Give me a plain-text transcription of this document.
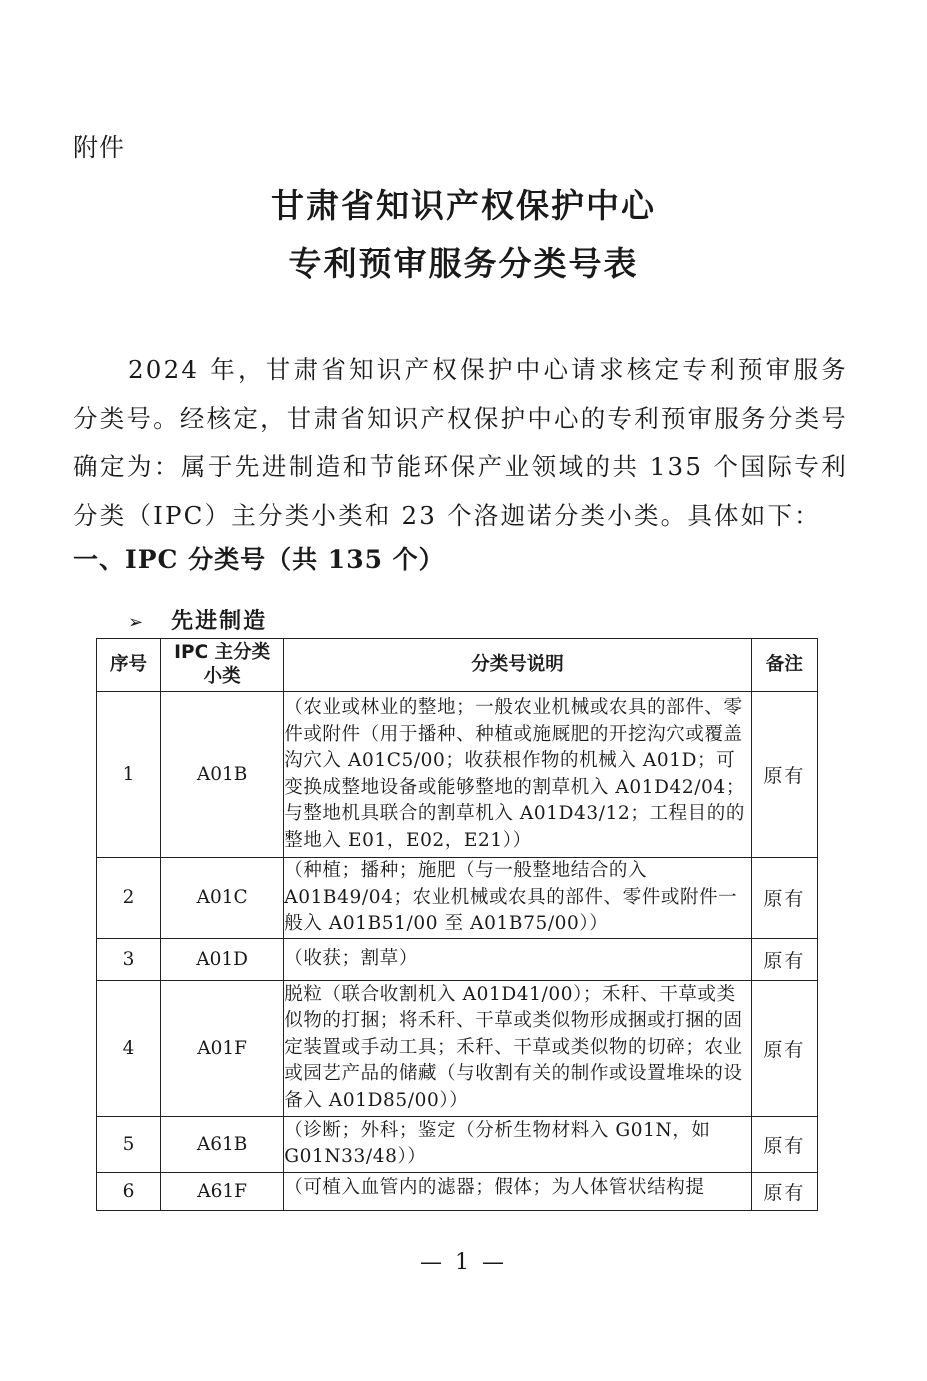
附件
甘肃省知识产权保护中心
专利预审服务分类号表

2024 年，甘肃省知识产权保护中心请求核定专利预审服务分类号。经核定，甘肃省知识产权保护中心的专利预审服务分类号确定为：属于先进制造和节能环保产业领域的共 135 个国际专利分类（IPC）主分类小类和 23 个洛迦诺分类小类。具体如下：

一、IPC 分类号（共 135 个）
➢ 先进制造
序号	IPC 主分类小类	分类号说明	备注
1	A01B	（农业或林业的整地；一般农业机械或农具的部件、零件或附件（用于播种、种植或施厩肥的开挖沟穴或覆盖沟穴入 A01C5/00；收获根作物的机械入 A01D；可变换成整地设备或能够整地的割草机入 A01D42/04；与整地机具联合的割草机入 A01D43/12；工程目的的整地入 E01，E02，E21））	原有
2	A01C	（种植；播种；施肥（与一般整地结合的入 A01B49/04；农业机械或农具的部件、零件或附件一般入 A01B51/00 至 A01B75/00））	原有
3	A01D	（收获；割草）	原有
4	A01F	脱粒（联合收割机入 A01D41/00）；禾秆、干草或类似物的打捆；将禾秆、干草或类似物形成捆或打捆的固定装置或手动工具；禾秆、干草或类似物的切碎；农业或园艺产品的储藏（与收割有关的制作或设置堆垛的设备入 A01D85/00））	原有
5	A61B	（诊断；外科；鉴定（分析生物材料入 G01N，如 G01N33/48））	原有
6	A61F	（可植入血管内的滤器；假体；为人体管状结构提	原有
— 1 —
